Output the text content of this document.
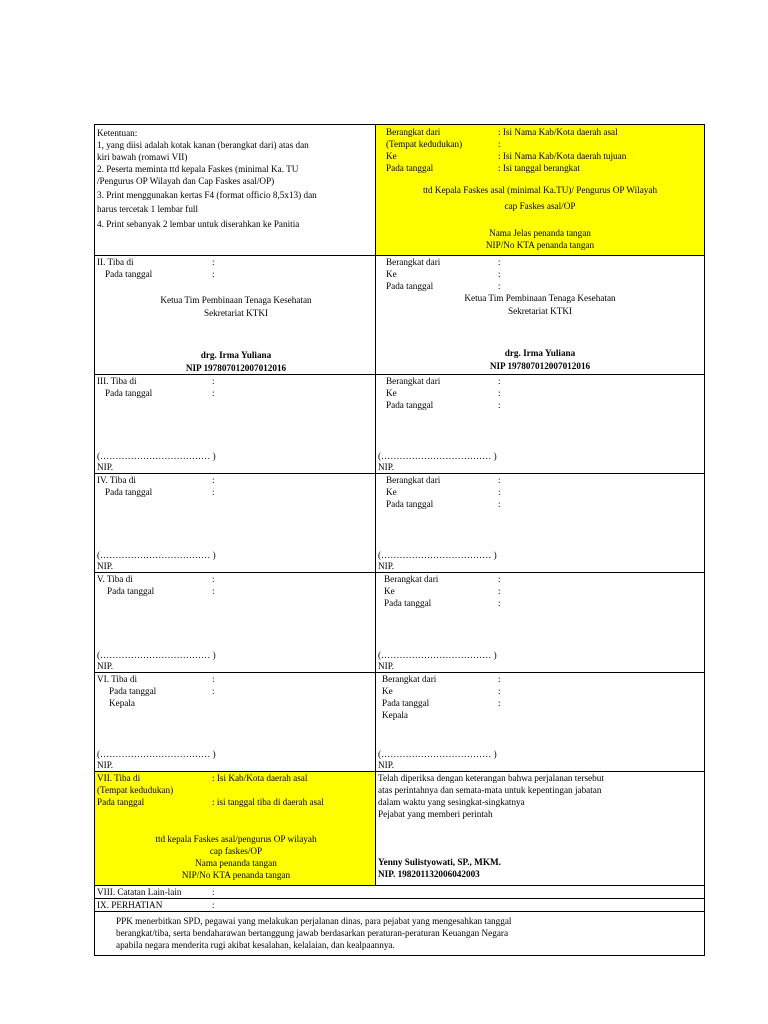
Ketentuan:
1, yang diisi adalah kotak kanan (berangkat dari) atas dan
kiri bawah (romawi VII)
2. Peserta meminta ttd kepala Faskes (minimal Ka. TU
/Pengurus OP Wilayah dan Cap Faskes asal/OP)
3. Print menggunakan kertas F4 (format officio 8,5x13) dan
harus tercetak 1 lembar full
4. Print sebanyak 2 lembar untuk diserahkan ke Panitia
Berangkat dari	: Isi Nama Kab/Kota daerah asal
(Tempat kedudukan)	:
Ke	: Isi Nama Kab/Kota daerah tujuan
Pada tanggal	: Isi tanggal berangkat
ttd Kepala Faskes asal (minimal Ka.TU)/ Pengurus OP Wilayah
cap Faskes asal/OP
Nama Jelas penanda tangan
NIP/No KTA penanda tangan
II. Tiba di	:
Pada tanggal	:
Ketua Tim Pembinaan Tenaga Kesehatan
Sekretariat KTKI
drg. Irma Yuliana
NIP 197807012007012016
Berangkat dari	:
Ke	:
Pada tanggal	:
Ketua Tim Pembinaan Tenaga Kesehatan
Sekretariat KTKI
drg. Irma Yuliana
NIP 197807012007012016
III. Tiba di	:
Pada tanggal	:
(……………………………… )
NIP.
Berangkat dari	:
Ke	:
Pada tanggal	:
(……………………………… )
NIP.
IV. Tiba di	:
Pada tanggal	:
(……………………………… )
NIP.
Berangkat dari	:
Ke	:
Pada tanggal	:
(……………………………… )
NIP.
V. Tiba di	:
Pada tanggal	:
(……………………………… )
NIP.
Berangkat dari	:
Ke	:
Pada tanggal	:
(……………………………… )
NIP.
VI. Tiba di	:
Pada tanggal	:
Kepala
(……………………………… )
NIP.
Berangkat dari	:
Ke	:
Pada tanggal	:
Kepala
(……………………………… )
NIP.
VII. Tiba di	: Isi Kab/Kota daerah asal
(Tempat kedudukan)
Pada tanggal	: isi tanggal tiba di daerah asal
ttd kepala Faskes asal/pengurus OP wilayah
cap faskes/OP
Nama penanda tangan
NIP/No KTA penanda tangan
Telah diperiksa dengan keterangan bahwa perjalanan tersebut
atas perintahnya dan semata-mata untuk kepentingan jabatan
dalam waktu yang sesingkat-singkatnya
Pejabat yang memberi perintah
Yenny Sulistyowati, SP., MKM.
NIP. 198201132006042003
VIII. Catatan Lain-lain	:
IX. PERHATIAN	:
PPK menerbitkan SPD, pegawai yang melakukan perjalanan dinas, para pejabat yang mengesahkan tanggal
berangkat/tiba, serta bendaharawan bertanggung jawab berdasarkan peraturan-peraturan Keuangan Negara
apabila negara menderita rugi akibat kesalahan, kelalaian, dan kealpaannya.
